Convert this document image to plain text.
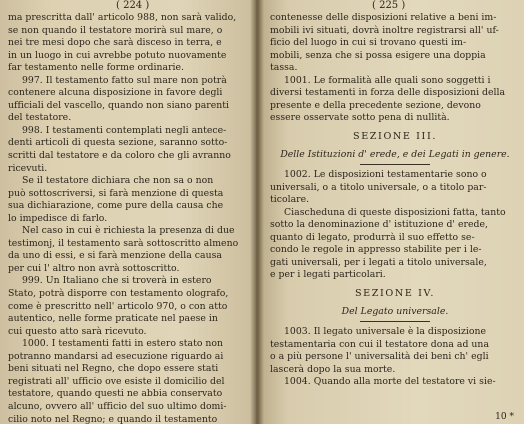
( 224 )
ma prescritta dall' articolo 988, non sarà valido,
se non quando il testatore morirà sul mare, o
nei tre mesi dopo che sarà disceso in terra, e
in un luogo in cui avrebbe potuto nuovamente
far testamento nelle forme ordinarie.
997. Il testamento fatto sul mare non potrà
contenere alcuna disposizione in favore degli
ufficiali del vascello, quando non siano parenti
del testatore.
998. I testamenti contemplati negli antece-
denti articoli di questa sezione, saranno sotto-
scritti dal testatore e da coloro che gli avranno
ricevuti.
Se il testatore dichiara che non sa o non
può sottoscriversi, si farà menzione di questa
sua dichiarazione, come pure della causa che
lo impedisce di farlo.
Nel caso in cui è richiesta la presenza di due
testimonj, il testamento sarà sottoscritto almeno
da uno di essi, e si farà menzione della causa
per cui l' altro non avrà sottoscritto.
999. Un Italiano che si troverà in estero
Stato, potrà disporre con testamento olografo,
come è prescritto nell' articolo 970, o con atto
autentico, nelle forme praticate nel paese in
cui questo atto sarà ricevuto.
1000. I testamenti fatti in estero stato non
potranno mandarsi ad esecuzione riguardo ai
beni situati nel Regno, che dopo essere stati
registrati all' ufficio ove esiste il domicilio del
testatore, quando questi ne abbia conservato
alcuno, ovvero all' ufficio del suo ultimo domi-
cilio noto nel Regno; e quando il testamento
( 225 )
contenesse delle disposizioni relative a beni im-
mobili ivi situati, dovrà inoltre registrarsi all' uf-
ficio del luogo in cui si trovano questi im-
mobili, senza che si possa esigere una doppia
tassa.
1001. Le formalità alle quali sono soggetti i
diversi testamenti in forza delle disposizioni della
presente e della precedente sezione, devono
essere osservate sotto pena di nullità.
SEZIONE III.
Delle Istituzioni d' erede, e dei Legati in genere.
1002. Le disposizioni testamentarie sono o
universali, o a titolo universale, o a titolo par-
ticolare.
Ciascheduna di queste disposizioni fatta, tanto
sotto la denominazione d' istituzione d' erede,
quanto di legato, produrrà il suo effetto se-
condo le regole in appresso stabilite per i le-
gati universali, per i legati a titolo universale,
e per i legati particolari.
SEZIONE IV.
Del Legato universale.
1003. Il legato universale è la disposizione
testamentaria con cui il testatore dona ad una
o a più persone l' universalità dei beni ch' egli
lascerà dopo la sua morte.
1004. Quando alla morte del testatore vi sie-
10 *
